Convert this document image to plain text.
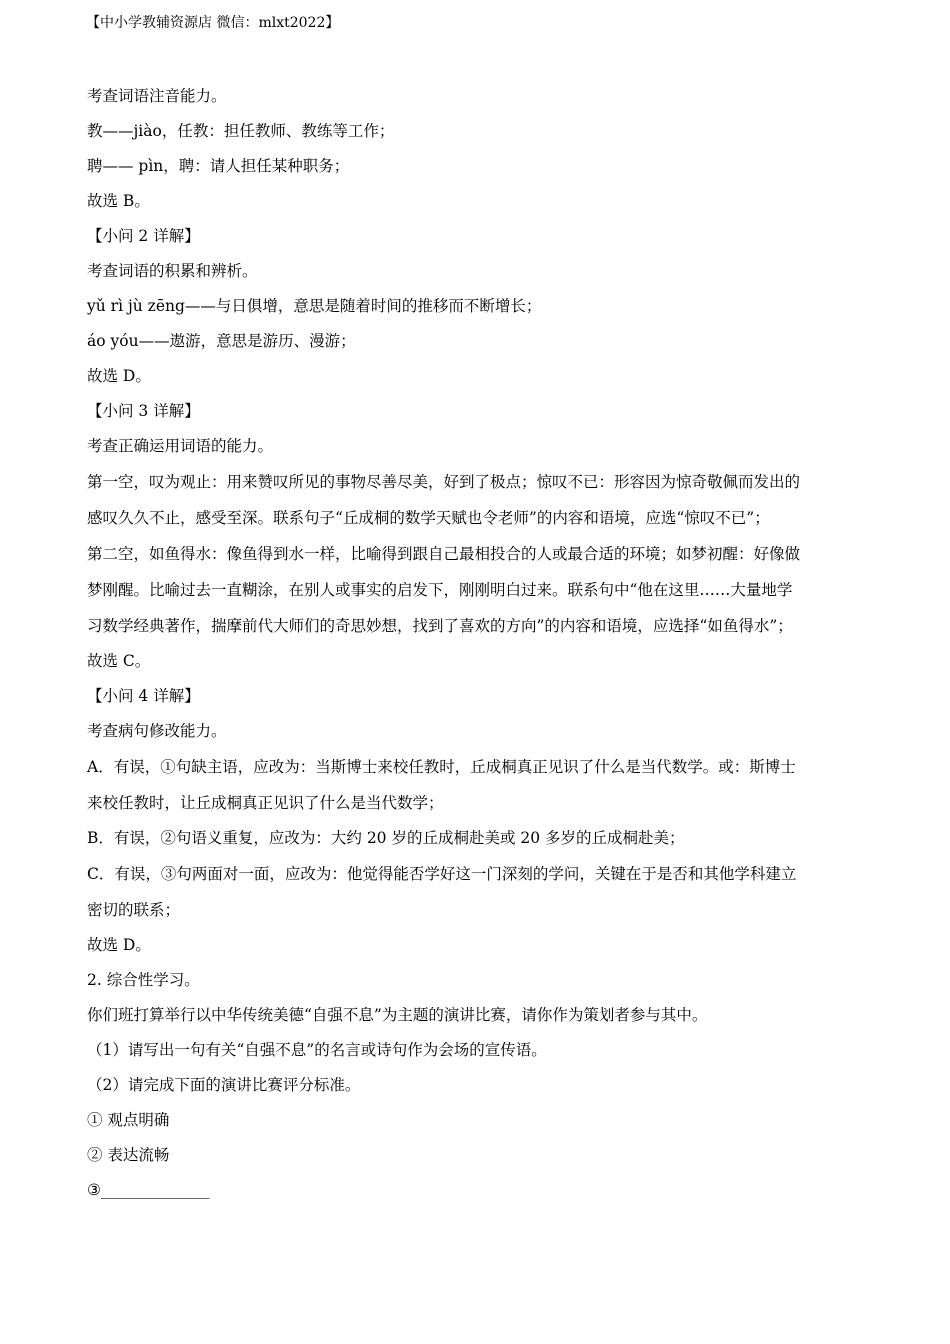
【中小学教辅资源店 微信：mlxt2022】
考查词语注音能力。
教——jiào，任教：担任教师、教练等工作；
聘—— pìn，聘：请人担任某种职务；
故选 B。
【小问 2 详解】
考查词语的积累和辨析。
yǔ rì jù zēng——与日俱增，意思是随着时间的推移而不断增长；
áo yóu——遨游，意思是游历、漫游；
故选 D。
【小问 3 详解】
考查正确运用词语的能力。
第一空，叹为观止：用来赞叹所见的事物尽善尽美，好到了极点；惊叹不已：形容因为惊奇敬佩而发出的
感叹久久不止，感受至深。联系句子“丘成桐的数学天赋也令老师”的内容和语境，应选“惊叹不已”；
第二空，如鱼得水：像鱼得到水一样，比喻得到跟自己最相投合的人或最合适的环境；如梦初醒：好像做
梦刚醒。比喻过去一直糊涂，在别人或事实的启发下，刚刚明白过来。联系句中“他在这里……大量地学
习数学经典著作，揣摩前代大师们的奇思妙想，找到了喜欢的方向”的内容和语境，应选择“如鱼得水”；
故选 C。
【小问 4 详解】
考查病句修改能力。
A．有误，①句缺主语，应改为：当斯博士来校任教时，丘成桐真正见识了什么是当代数学。或：斯博士
来校任教时，让丘成桐真正见识了什么是当代数学；
B．有误，②句语义重复，应改为：大约 20 岁的丘成桐赴美或 20 多岁的丘成桐赴美；
C．有误，③句两面对一面，应改为：他觉得能否学好这一门深刻的学问，关键在于是否和其他学科建立
密切的联系；
故选 D。
2. 综合性学习。
你们班打算举行以中华传统美德“自强不息”为主题的演讲比赛，请你作为策划者参与其中。
（1）请写出一句有关“自强不息”的名言或诗句作为会场的宣传语。
（2）请完成下面的演讲比赛评分标准。
① 观点明确
② 表达流畅
③______________
